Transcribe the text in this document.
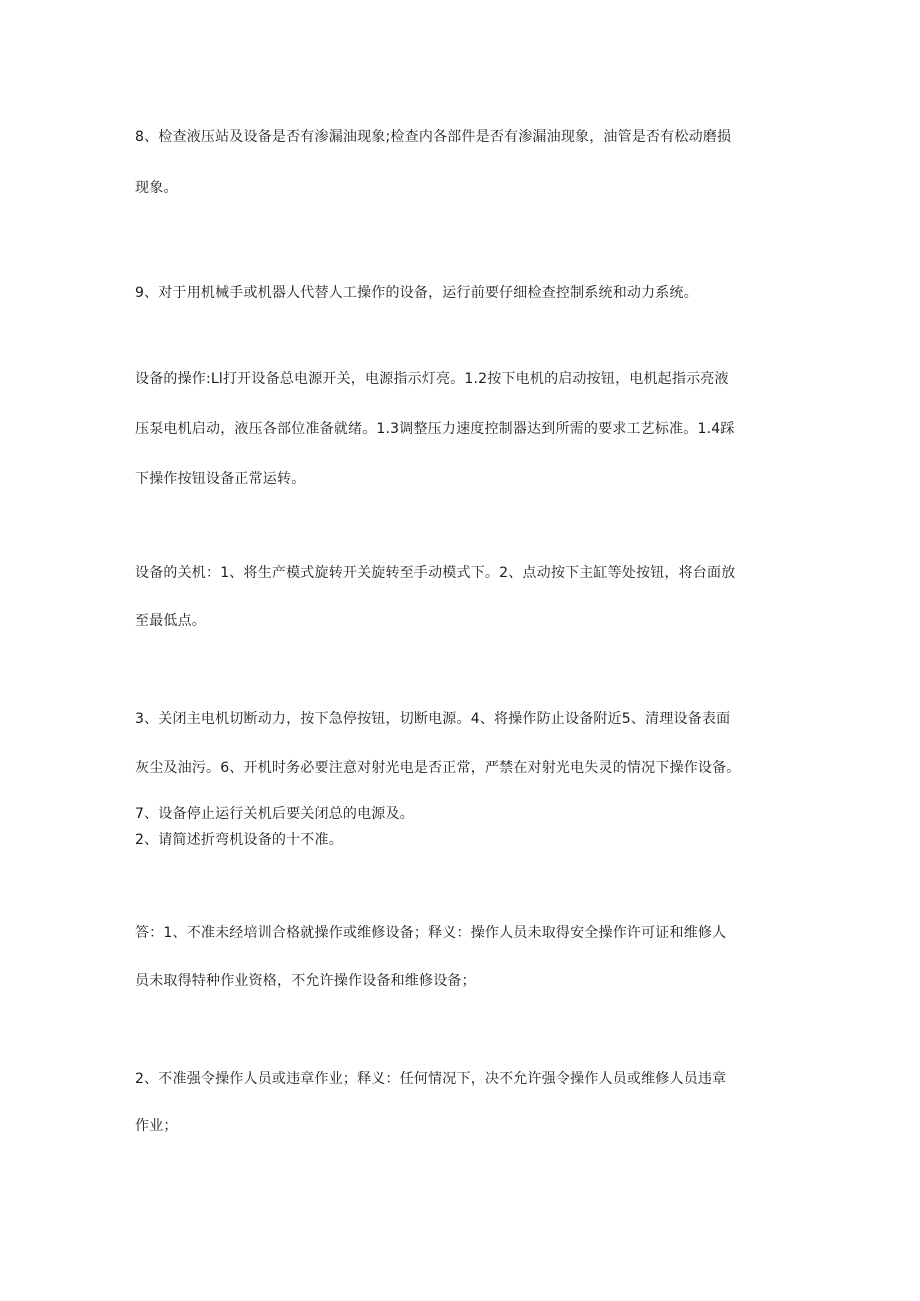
8、检查液压站及设备是否有渗漏油现象;检查内各部件是否有渗漏油现象，油管是否有松动磨损
现象。
9、对于用机械手或机器人代替人工操作的设备，运行前要仔细检查控制系统和动力系统。
设备的操作:Ll打开设备总电源开关，电源指示灯亮。1.2按下电机的启动按钮，电机起指示亮液
压泵电机启动，液压各部位准备就绪。1.3调整压力速度控制器达到所需的要求工艺标准。1.4踩
下操作按钮设备正常运转。
设备的关机：1、将生产模式旋转开关旋转至手动模式下。2、点动按下主缸等处按钮，将台面放
至最低点。
3、关闭主电机切断动力，按下急停按钮，切断电源。4、将操作防止设备附近5、清理设备表面
灰尘及油污。6、开机时务必要注意对射光电是否正常，严禁在对射光电失灵的情况下操作设备。
7、设备停止运行关机后要关闭总的电源及。
2、请简述折弯机设备的十不准。
答：1、不准未经培训合格就操作或维修设备；释义：操作人员未取得安全操作许可证和维修人
员未取得特种作业资格，不允许操作设备和维修设备；
2、不准强令操作人员或违章作业；释义：任何情况下，决不允许强令操作人员或维修人员违章
作业；
